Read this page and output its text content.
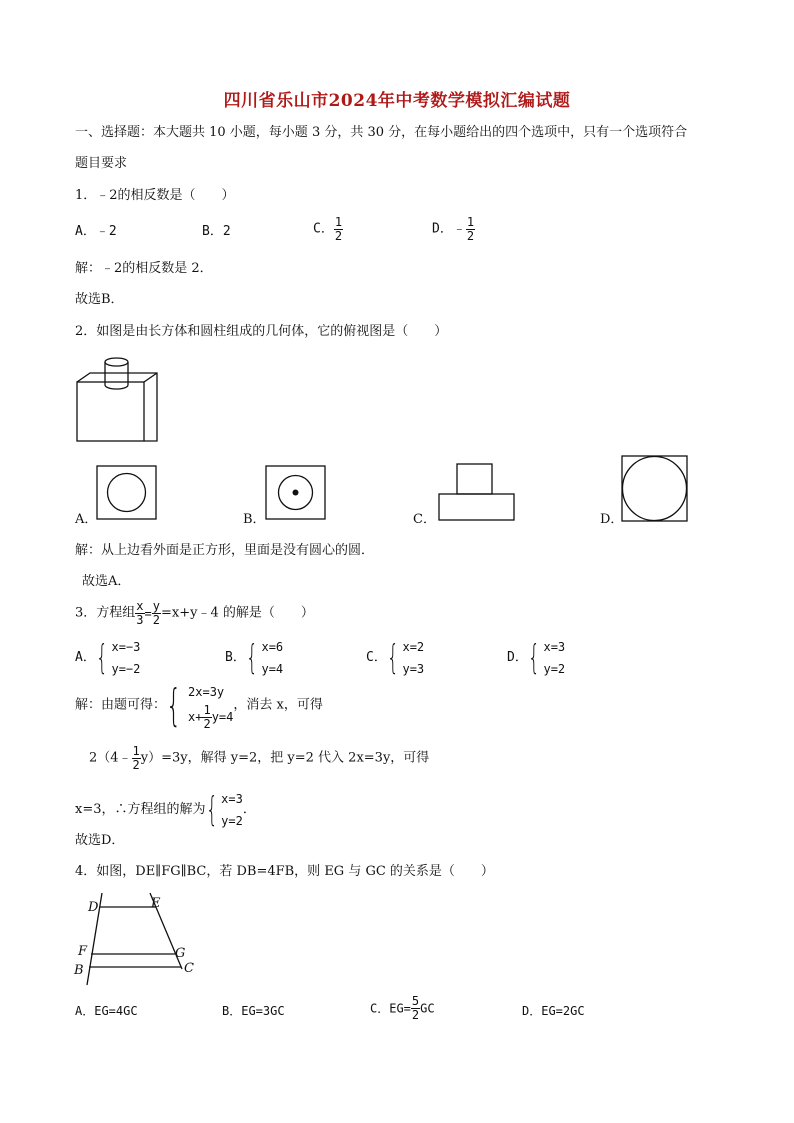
四川省乐山市2024年中考数学模拟汇编试题
一、选择题：本大题共 10 小题，每小题 3 分，共 30 分，在每小题给出的四个选项中，只有一个选项符合
题目要求
1．﹣2的相反数是（　　）
A．﹣2	B．2	C． $\frac{1}{2}$	D．﹣ $\frac{1}{2}$
解：﹣2的相反数是 2．
故选B．
2．如图是由长方体和圆柱组成的几何体，它的俯视图是（　　）
A．	B．	C．	D．
解：从上边看外面是正方形，里面是没有圆心的圆．
故选A．
3．方程组 $\frac{x}{3} = \frac{y}{2}$ =x+y﹣4 的解是（　　）
A． { x=−3
y=−2
B． { x=6
y=4
C． { x=2
y=3
D． { x=3
y=2
解：由题可得： { 2x=3y
$x+ \frac{1}{2} y=4$
，消去 x，可得
2（4﹣ $\frac{1}{2} y)=3y$，解得 y=2，把 y=2 代入 2x=3y，可得
x=3，∴方程组的解为 { x=3
y=2
．
故选D．
4．如图，DE∥FG∥BC，若 DB=4FB，则 EG 与 GC 的关系是（　　）
D	E
F	G
B	C
A．EG=4GC	B．EG=3GC	C．$EG= \frac{5}{2}$ GC	D．EG=2GC
